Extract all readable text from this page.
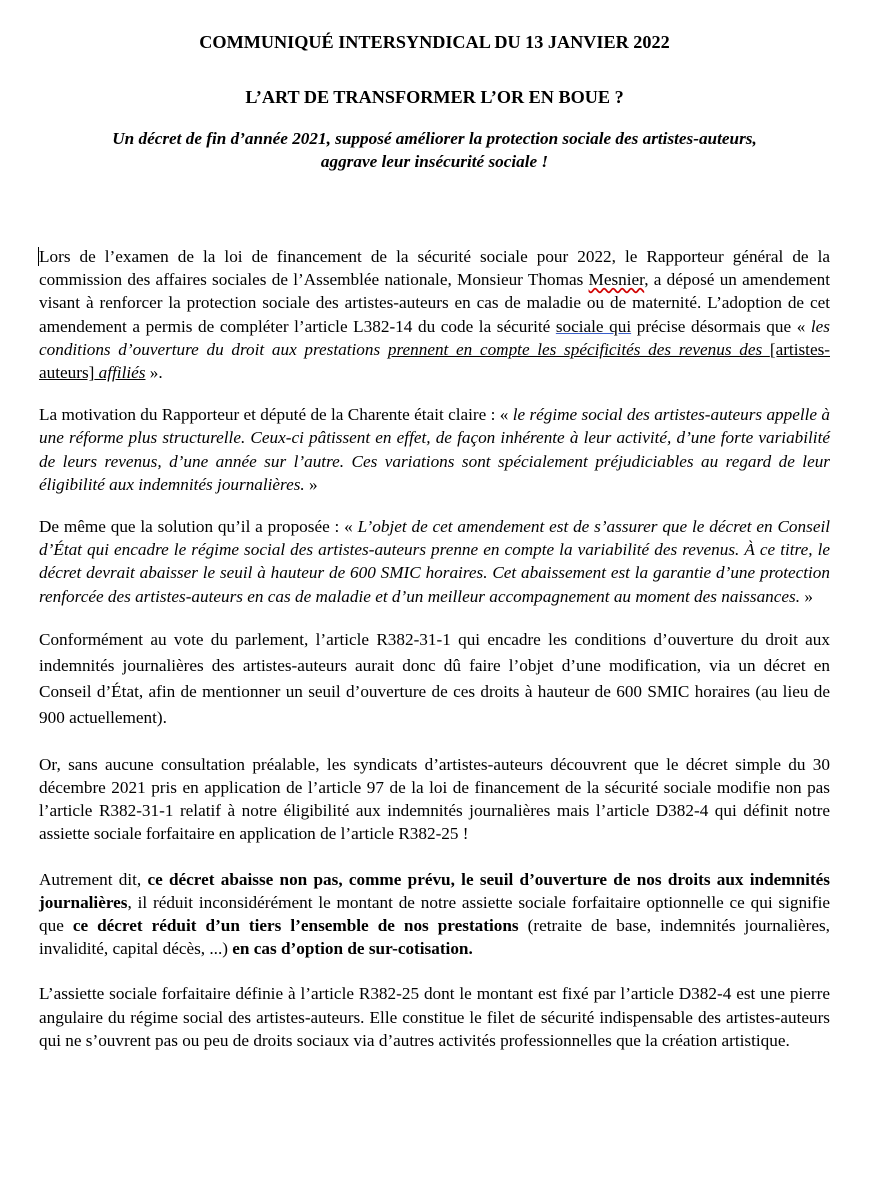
COMMUNIQUÉ INTERSYNDICAL DU 13 JANVIER 2022
L’ART DE TRANSFORMER L’OR EN BOUE ?

Un décret de fin d’année 2021, supposé améliorer la protection sociale des artistes-auteurs,
aggrave leur insécurité sociale !

Lors de l’examen de la loi de financement de la sécurité sociale pour 2022, le Rapporteur général de la commission des affaires sociales de l’Assemblée nationale, Monsieur Thomas Mesnier, a déposé un amendement visant à renforcer la protection sociale des artistes-auteurs en cas de maladie ou de maternité. L’adoption de cet amendement a permis de compléter l’article L382-14 du code la sécurité sociale qui précise désormais que « les conditions d’ouverture du droit aux prestations prennent en compte les spécificités des revenus des [artistes-auteurs] affiliés ».

La motivation du Rapporteur et député de la Charente était claire : « le régime social des artistes-auteurs appelle à une réforme plus structurelle. Ceux-ci pâtissent en effet, de façon inhérente à leur activité, d’une forte variabilité de leurs revenus, d’une année sur l’autre. Ces variations sont spécialement préjudiciables au regard de leur éligibilité aux indemnités journalières. »

De même que la solution qu’il a proposée : « L’objet de cet amendement est de s’assurer que le décret en Conseil d’État qui encadre le régime social des artistes-auteurs prenne en compte la variabilité des revenus. À ce titre, le décret devrait abaisser le seuil à hauteur de 600 SMIC horaires. Cet abaissement est la garantie d’une protection renforcée des artistes-auteurs en cas de maladie et d’un meilleur accompagnement au moment des naissances. »

Conformément au vote du parlement, l’article R382-31-1 qui encadre les conditions d’ouverture du droit aux indemnités journalières des artistes-auteurs aurait donc dû faire l’objet d’une modification, via un décret en Conseil d’État, afin de mentionner un seuil d’ouverture de ces droits à hauteur de 600 SMIC horaires (au lieu de 900 actuellement).

Or, sans aucune consultation préalable, les syndicats d’artistes-auteurs découvrent que le décret simple du 30 décembre 2021 pris en application de l’article 97 de la loi de financement de la sécurité sociale modifie non pas l’article R382-31-1 relatif à notre éligibilité aux indemnités journalières mais l’article D382-4 qui définit notre assiette sociale forfaitaire en application de l’article R382-25 !

Autrement dit, ce décret abaisse non pas, comme prévu, le seuil d’ouverture de nos droits aux indemnités journalières, il réduit inconsidérément le montant de notre assiette sociale forfaitaire optionnelle ce qui signifie que ce décret réduit d’un tiers l’ensemble de nos prestations (retraite de base, indemnités journalières, invalidité, capital décès, ...) en cas d’option de sur-cotisation.

L’assiette sociale forfaitaire définie à l’article R382-25 dont le montant est fixé par l’article D382-4 est une pierre angulaire du régime social des artistes-auteurs. Elle constitue le filet de sécurité indispensable des artistes-auteurs qui ne s’ouvrent pas ou peu de droits sociaux via d’autres activités professionnelles que la création artistique.
